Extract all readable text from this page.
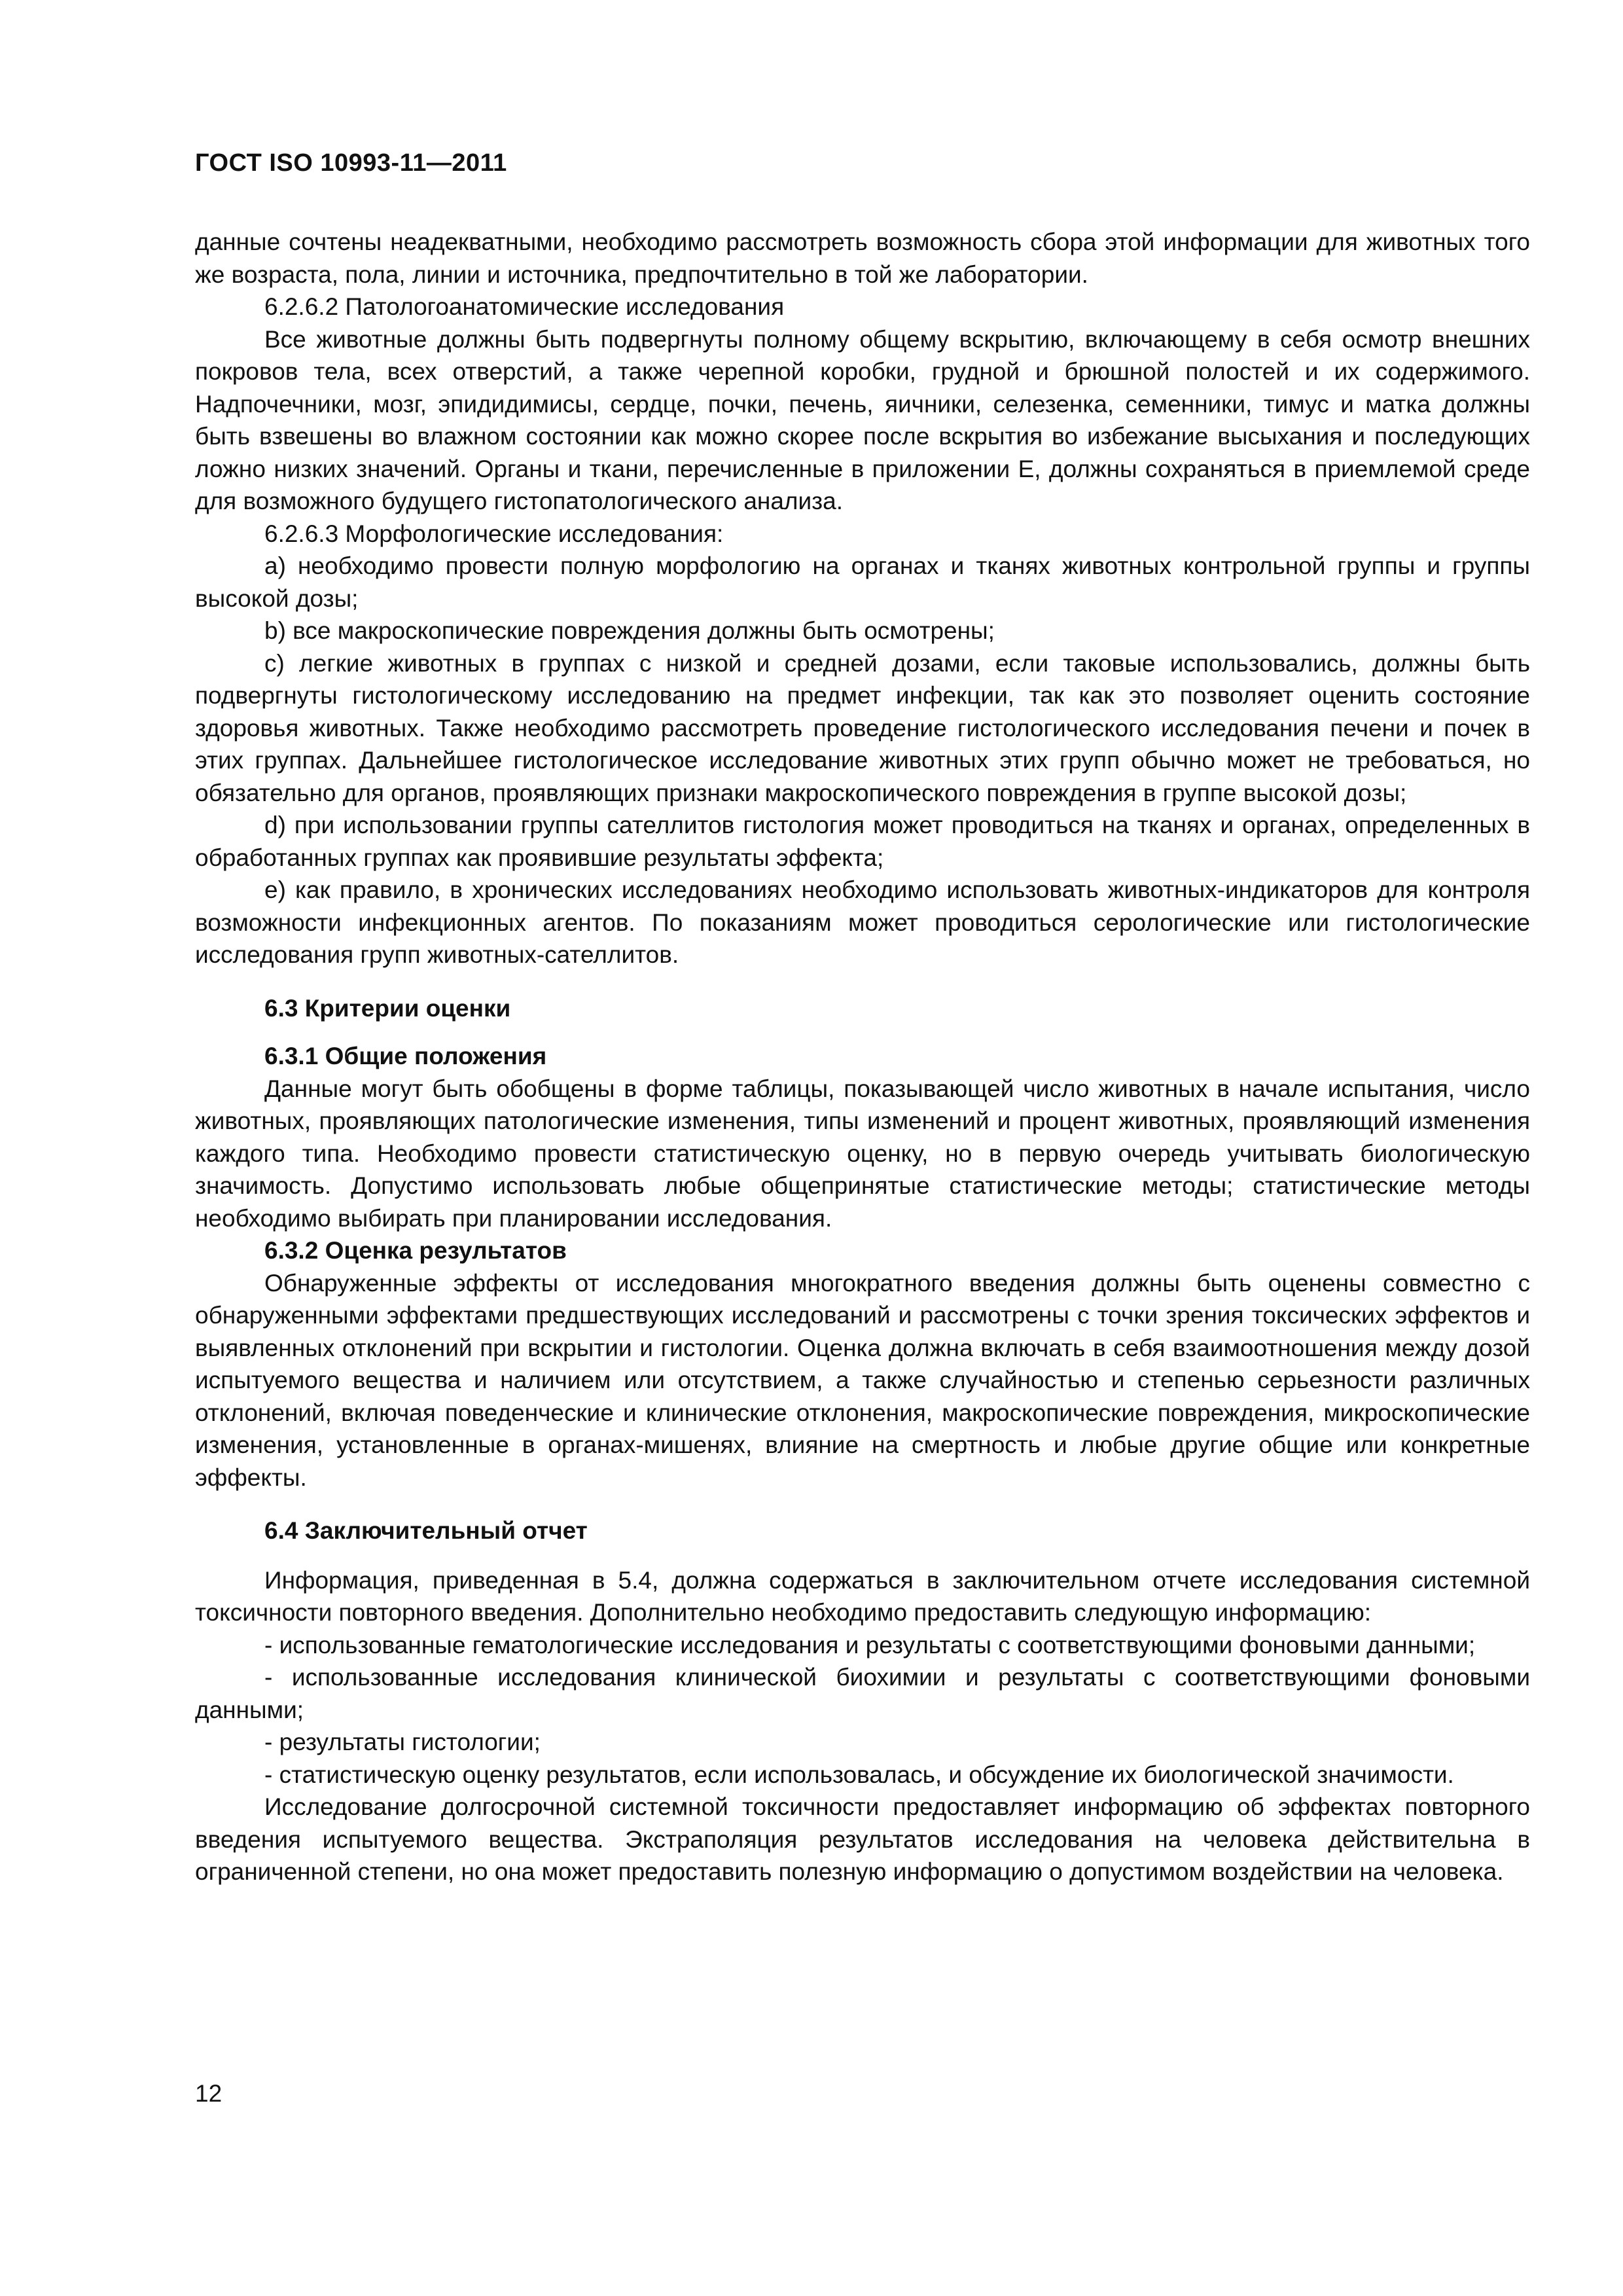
ГОСТ ISO 10993-11—2011

данные сочтены неадекватными, необходимо рассмотреть возможность сбора этой информации для животных того же возраста, пола, линии и источника, предпочтительно в той же лаборатории.

6.2.6.2 Патологоанатомические исследования

Все животные должны быть подвергнуты полному общему вскрытию, включающему в себя осмотр внешних покровов тела, всех отверстий, а также черепной коробки, грудной и брюшной полостей и их содержимого. Надпочечники, мозг, эпидидимисы, сердце, почки, печень, яичники, селезенка, семенники, тимус и матка должны быть взвешены во влажном состоянии как можно скорее после вскрытия во избежание высыхания и последующих ложно низких значений. Органы и ткани, перечисленные в приложении Е, должны сохраняться в приемлемой среде для возможного будущего гистопатологического анализа.

6.2.6.3 Морфологические исследования:

а) необходимо провести полную морфологию на органах и тканях животных контрольной группы и группы высокой дозы;

b) все макроскопические повреждения должны быть осмотрены;

с) легкие животных в группах с низкой и средней дозами, если таковые использовались, должны быть подвергнуты гистологическому исследованию на предмет инфекции, так как это позволяет оценить состояние здоровья животных. Также необходимо рассмотреть проведение гистологического исследования печени и почек в этих группах. Дальнейшее гистологическое исследование животных этих групп обычно может не требоваться, но обязательно для органов, проявляющих признаки макроскопического повреждения в группе высокой дозы;

d) при использовании группы сателлитов гистология может проводиться на тканях и органах, определенных в обработанных группах как проявившие результаты эффекта;

е) как правило, в хронических исследованиях необходимо использовать животных-индикаторов для контроля возможности инфекционных агентов. По показаниям может проводиться серологические или гистологические исследования групп животных-сателлитов.

6.3 Критерии оценки
6.3.1 Общие положения

Данные могут быть обобщены в форме таблицы, показывающей число животных в начале испытания, число животных, проявляющих патологические изменения, типы изменений и процент животных, проявляющий изменения каждого типа. Необходимо провести статистическую оценку, но в первую очередь учитывать биологическую значимость. Допустимо использовать любые общепринятые статистические методы; статистические методы необходимо выбирать при планировании исследования.

6.3.2 Оценка результатов

Обнаруженные эффекты от исследования многократного введения должны быть оценены совместно с обнаруженными эффектами предшествующих исследований и рассмотрены с точки зрения токсических эффектов и выявленных отклонений при вскрытии и гистологии. Оценка должна включать в себя взаимоотношения между дозой испытуемого вещества и наличием или отсутствием, а также случайностью и степенью серьезности различных отклонений, включая поведенческие и клинические отклонения, макроскопические повреждения, микроскопические изменения, установленные в органах-мишенях, влияние на смертность и любые другие общие или конкретные эффекты.

6.4 Заключительный отчет

Информация, приведенная в 5.4, должна содержаться в заключительном отчете исследования системной токсичности повторного введения. Дополнительно необходимо предоставить следующую информацию:

- использованные гематологические исследования и результаты с соответствующими фоновыми данными;

- использованные исследования клинической биохимии и результаты с соответствующими фоновыми данными;

- результаты гистологии;

- статистическую оценку результатов, если использовалась, и обсуждение их биологической значимости.

Исследование долгосрочной системной токсичности предоставляет информацию об эффектах повторного введения испытуемого вещества. Экстраполяция результатов исследования на человека действительна в ограниченной степени, но она может предоставить полезную информацию о допустимом воздействии на человека.

12
